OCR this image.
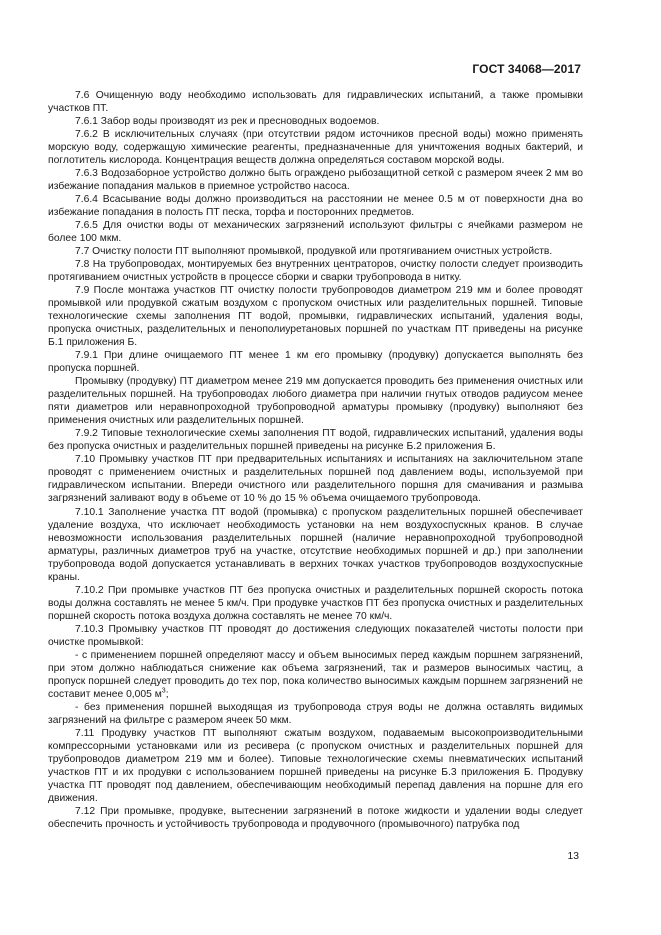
ГОСТ 34068—2017

7.6 Очищенную воду необходимо использовать для гидравлических испытаний, а также промывки участков ПТ.

7.6.1 Забор воды производят из рек и пресноводных водоемов.

7.6.2 В исключительных случаях (при отсутствии рядом источников пресной воды) можно применять морскую воду, содержащую химические реагенты, предназначенные для уничтожения водных бактерий, и поглотитель кислорода. Концентрация веществ должна определяться составом морской воды.

7.6.3 Водозаборное устройство должно быть ограждено рыбозащитной сеткой с размером ячеек 2 мм во избежание попадания мальков в приемное устройство насоса.

7.6.4 Всасывание воды должно производиться на расстоянии не менее 0.5 м от поверхности дна во избежание попадания в полость ПТ песка, торфа и посторонних предметов.

7.6.5 Для очистки воды от механических загрязнений используют фильтры с ячейками размером не более 100 мкм.

7.7 Очистку полости ПТ выполняют промывкой, продувкой или протягиванием очистных устройств.

7.8 На трубопроводах, монтируемых без внутренних центраторов, очистку полости следует производить протягиванием очистных устройств в процессе сборки и сварки трубопровода в нитку.

7.9 После монтажа участков ПТ очистку полости трубопроводов диаметром 219 мм и более проводят промывкой или продувкой сжатым воздухом с пропуском очистных или разделительных поршней. Типовые технологические схемы заполнения ПТ водой, промывки, гидравлических испытаний, удаления воды, пропуска очистных, разделительных и пенополиуретановых поршней по участкам ПТ приведены на рисунке Б.1 приложения Б.

7.9.1 При длине очищаемого ПТ менее 1 км его промывку (продувку) допускается выполнять без пропуска поршней.

Промывку (продувку) ПТ диаметром менее 219 мм допускается проводить без применения очистных или разделительных поршней. На трубопроводах любого диаметра при наличии гнутых отводов радиусом менее пяти диаметров или неравнопроходной трубопроводной арматуры промывку (продувку) выполняют без применения очистных или разделительных поршней.

7.9.2 Типовые технологические схемы заполнения ПТ водой, гидравлических испытаний, удаления воды без пропуска очистных и разделительных поршней приведены на рисунке Б.2 приложения Б.

7.10 Промывку участков ПТ при предварительных испытаниях и испытаниях на заключительном этапе проводят с применением очистных и разделительных поршней под давлением воды, используемой при гидравлическом испытании. Впереди очистного или разделительного поршня для смачивания и размыва загрязнений заливают воду в объеме от 10 % до 15 % объема очищаемого трубопровода.

7.10.1 Заполнение участка ПТ водой (промывка) с пропуском разделительных поршней обеспечивает удаление воздуха, что исключает необходимость установки на нем воздухоспускных кранов. В случае невозможности использования разделительных поршней (наличие неравнопроходной трубопроводной арматуры, различных диаметров труб на участке, отсутствие необходимых поршней и др.) при заполнении трубопровода водой допускается устанавливать в верхних точках участков трубопроводов воздухоспускные краны.

7.10.2 При промывке участков ПТ без пропуска очистных и разделительных поршней скорость потока воды должна составлять не менее 5 км/ч. При продувке участков ПТ без пропуска очистных и разделительных поршней скорость потока воздуха должна составлять не менее 70 км/ч.

7.10.3 Промывку участков ПТ проводят до достижения следующих показателей чистоты полости при очистке промывкой:

- с применением поршней определяют массу и объем выносимых перед каждым поршнем загрязнений, при этом должно наблюдаться снижение как объема загрязнений, так и размеров выносимых частиц, а пропуск поршней следует проводить до тех пор, пока количество выносимых каждым поршнем загрязнений не составит менее 0,005 $м^3$;

- без применения поршней выходящая из трубопровода струя воды не должна оставлять видимых загрязнений на фильтре с размером ячеек 50 мкм.

7.11 Продувку участков ПТ выполняют сжатым воздухом, подаваемым высокопроизводительными компрессорными установками или из ресивера (с пропуском очистных и разделительных поршней для трубопроводов диаметром 219 мм и более). Типовые технологические схемы пневматических испытаний участков ПТ и их продувки с использованием поршней приведены на рисунке Б.3 приложения Б. Продувку участка ПТ проводят под давлением, обеспечивающим необходимый перепад давления на поршне для его движения.

7.12 При промывке, продувке, вытеснении загрязнений в потоке жидкости и удалении воды следует обеспечить прочность и устойчивость трубопровода и продувочного (промывочного) патрубка под

13
